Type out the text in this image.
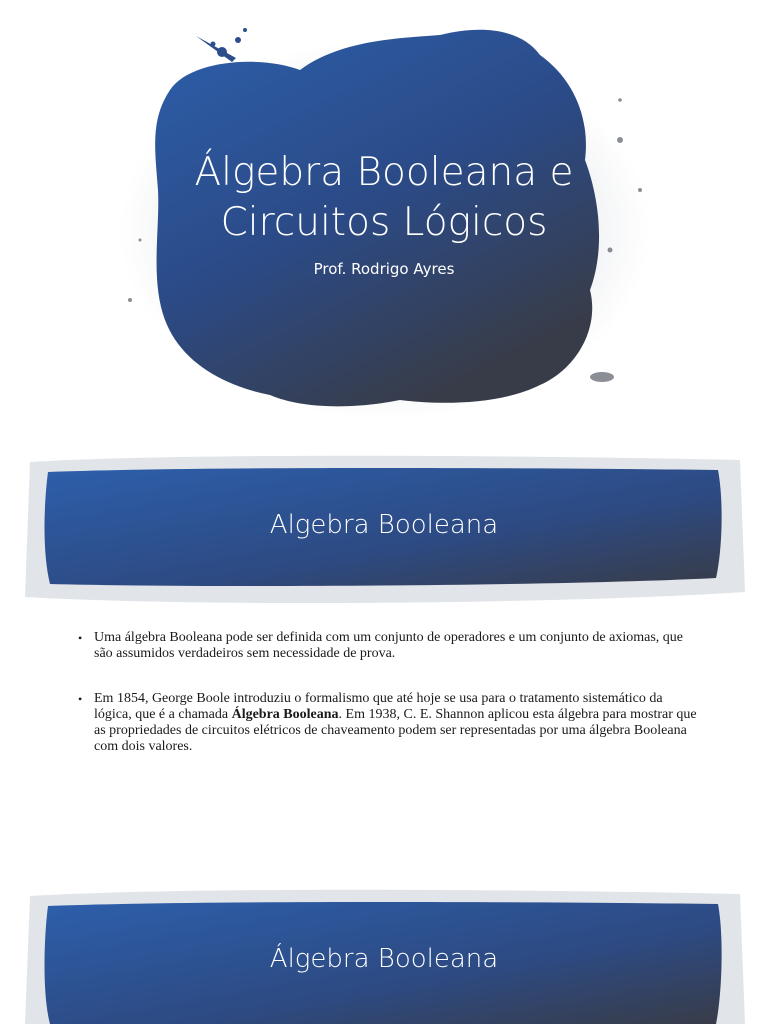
Álgebra Booleana e
Circuitos Lógicos
Prof. Rodrigo Ayres
Algebra Booleana
• Uma álgebra Booleana pode ser definida com um conjunto de operadores e um conjunto de axiomas, que são assumidos verdadeiros sem necessidade de prova.
• Em 1854, George Boole introduziu o formalismo que até hoje se usa para o tratamento sistemático da lógica, que é a chamada Álgebra Booleana. Em 1938, C. E. Shannon aplicou esta álgebra para mostrar que as propriedades de circuitos elétricos de chaveamento podem ser representadas por uma álgebra Booleana com dois valores.
Álgebra Booleana
